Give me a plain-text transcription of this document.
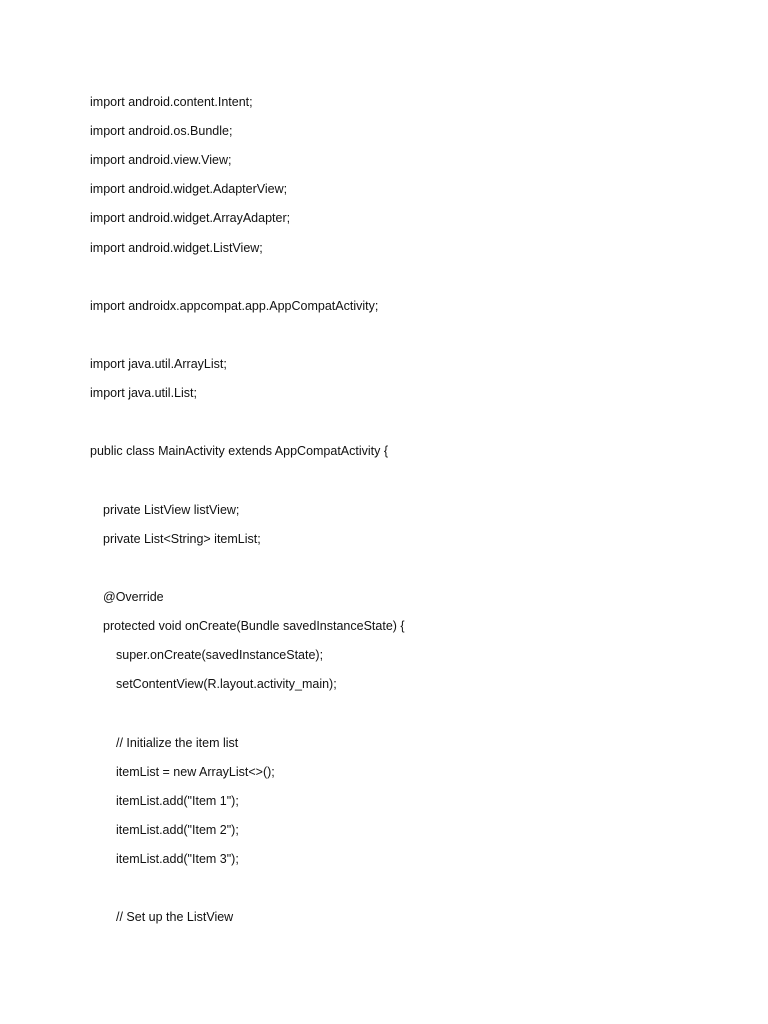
import android.content.Intent;
import android.os.Bundle;
import android.view.View;
import android.widget.AdapterView;
import android.widget.ArrayAdapter;
import android.widget.ListView;
import androidx.appcompat.app.AppCompatActivity;
import java.util.ArrayList;
import java.util.List;
public class MainActivity extends AppCompatActivity {
private ListView listView;
private List<String> itemList;
@Override
protected void onCreate(Bundle savedInstanceState) {
super.onCreate(savedInstanceState);
setContentView(R.layout.activity_main);
// Initialize the item list
itemList = new ArrayList<>();
itemList.add("Item 1");
itemList.add("Item 2");
itemList.add("Item 3");
// Set up the ListView
